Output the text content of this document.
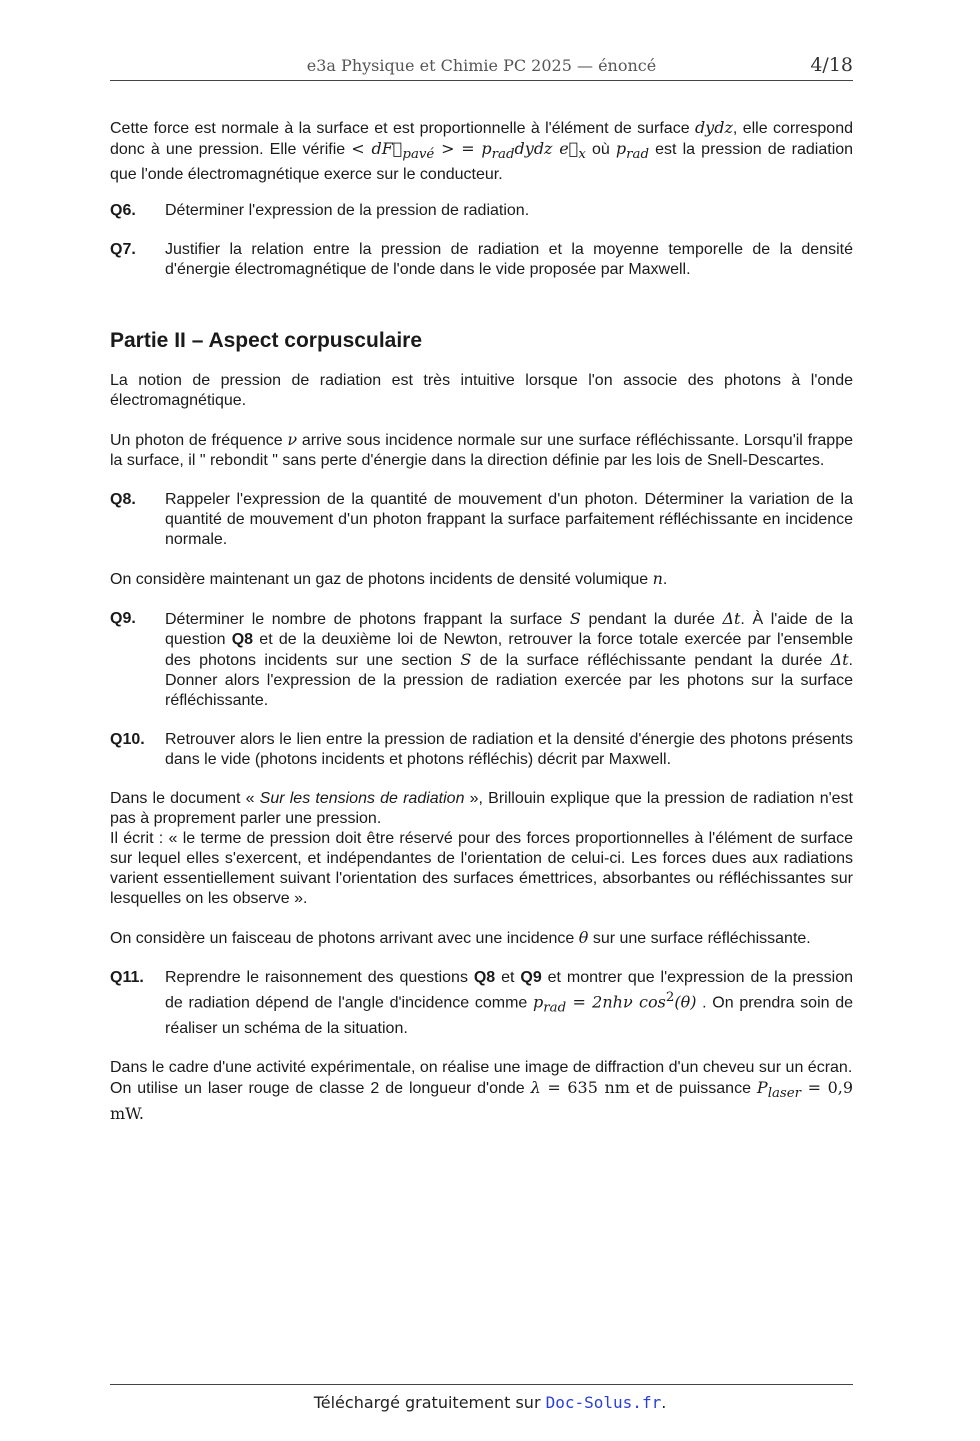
e3a Physique et Chimie PC 2025 — énoncé	4/18

Cette force est normale à la surface et est proportionnelle à l'élément de surface dydz, elle correspond donc à une pression. Elle vérifie < $dF⃗_{pavé}$ > = $p_{rad}dydz$ $e⃗_x$ où $p_{rad}$ est la pression de radiation que l'onde électromagnétique exerce sur le conducteur.

Q6.	Déterminer l'expression de la pression de radiation.
Q7.	Justifier la relation entre la pression de radiation et la moyenne temporelle de la densité d'énergie électromagnétique de l'onde dans le vide proposée par Maxwell.
Partie II – Aspect corpusculaire

La notion de pression de radiation est très intuitive lorsque l'on associe des photons à l'onde électromagnétique.

Un photon de fréquence ν arrive sous incidence normale sur une surface réfléchissante. Lorsqu'il frappe la surface, il " rebondit " sans perte d'énergie dans la direction définie par les lois de Snell-Descartes.

Q8.	Rappeler l'expression de la quantité de mouvement d'un photon. Déterminer la variation de la quantité de mouvement d'un photon frappant la surface parfaitement réfléchissante en incidence normale.

On considère maintenant un gaz de photons incidents de densité volumique n.

Q9.	Déterminer le nombre de photons frappant la surface S pendant la durée Δt. À l'aide de la question Q8 et de la deuxième loi de Newton, retrouver la force totale exercée par l'ensemble des photons incidents sur une section S de la surface réfléchissante pendant la durée Δt. Donner alors l'expression de la pression de radiation exercée par les photons sur la surface réfléchissante.
Q10.	Retrouver alors le lien entre la pression de radiation et la densité d'énergie des photons présents dans le vide (photons incidents et photons réfléchis) décrit par Maxwell.

Dans le document « Sur les tensions de radiation », Brillouin explique que la pression de radiation n'est pas à proprement parler une pression.
Il écrit : « le terme de pression doit être réservé pour des forces proportionnelles à l'élément de surface sur lequel elles s'exercent, et indépendantes de l'orientation de celui-ci. Les forces dues aux radiations varient essentiellement suivant l'orientation des surfaces émettrices, absorbantes ou réfléchissantes sur lesquelles on les observe ».

On considère un faisceau de photons arrivant avec une incidence θ sur une surface réfléchissante.

Q11.	Reprendre le raisonnement des questions Q8 et Q9 et montrer que l'expression de la pression de radiation dépend de l'angle d'incidence comme $p_{rad} = 2nh\nu$ $\cos^2(\theta)$ . On prendra soin de réaliser un schéma de la situation.

Dans le cadre d'une activité expérimentale, on réalise une image de diffraction d'un cheveu sur un écran.
On utilise un laser rouge de classe 2 de longueur d'onde λ = 635 nm et de puissance $P_{laser} = 0,9$ mW.

Téléchargé gratuitement sur Doc-Solus.fr.
